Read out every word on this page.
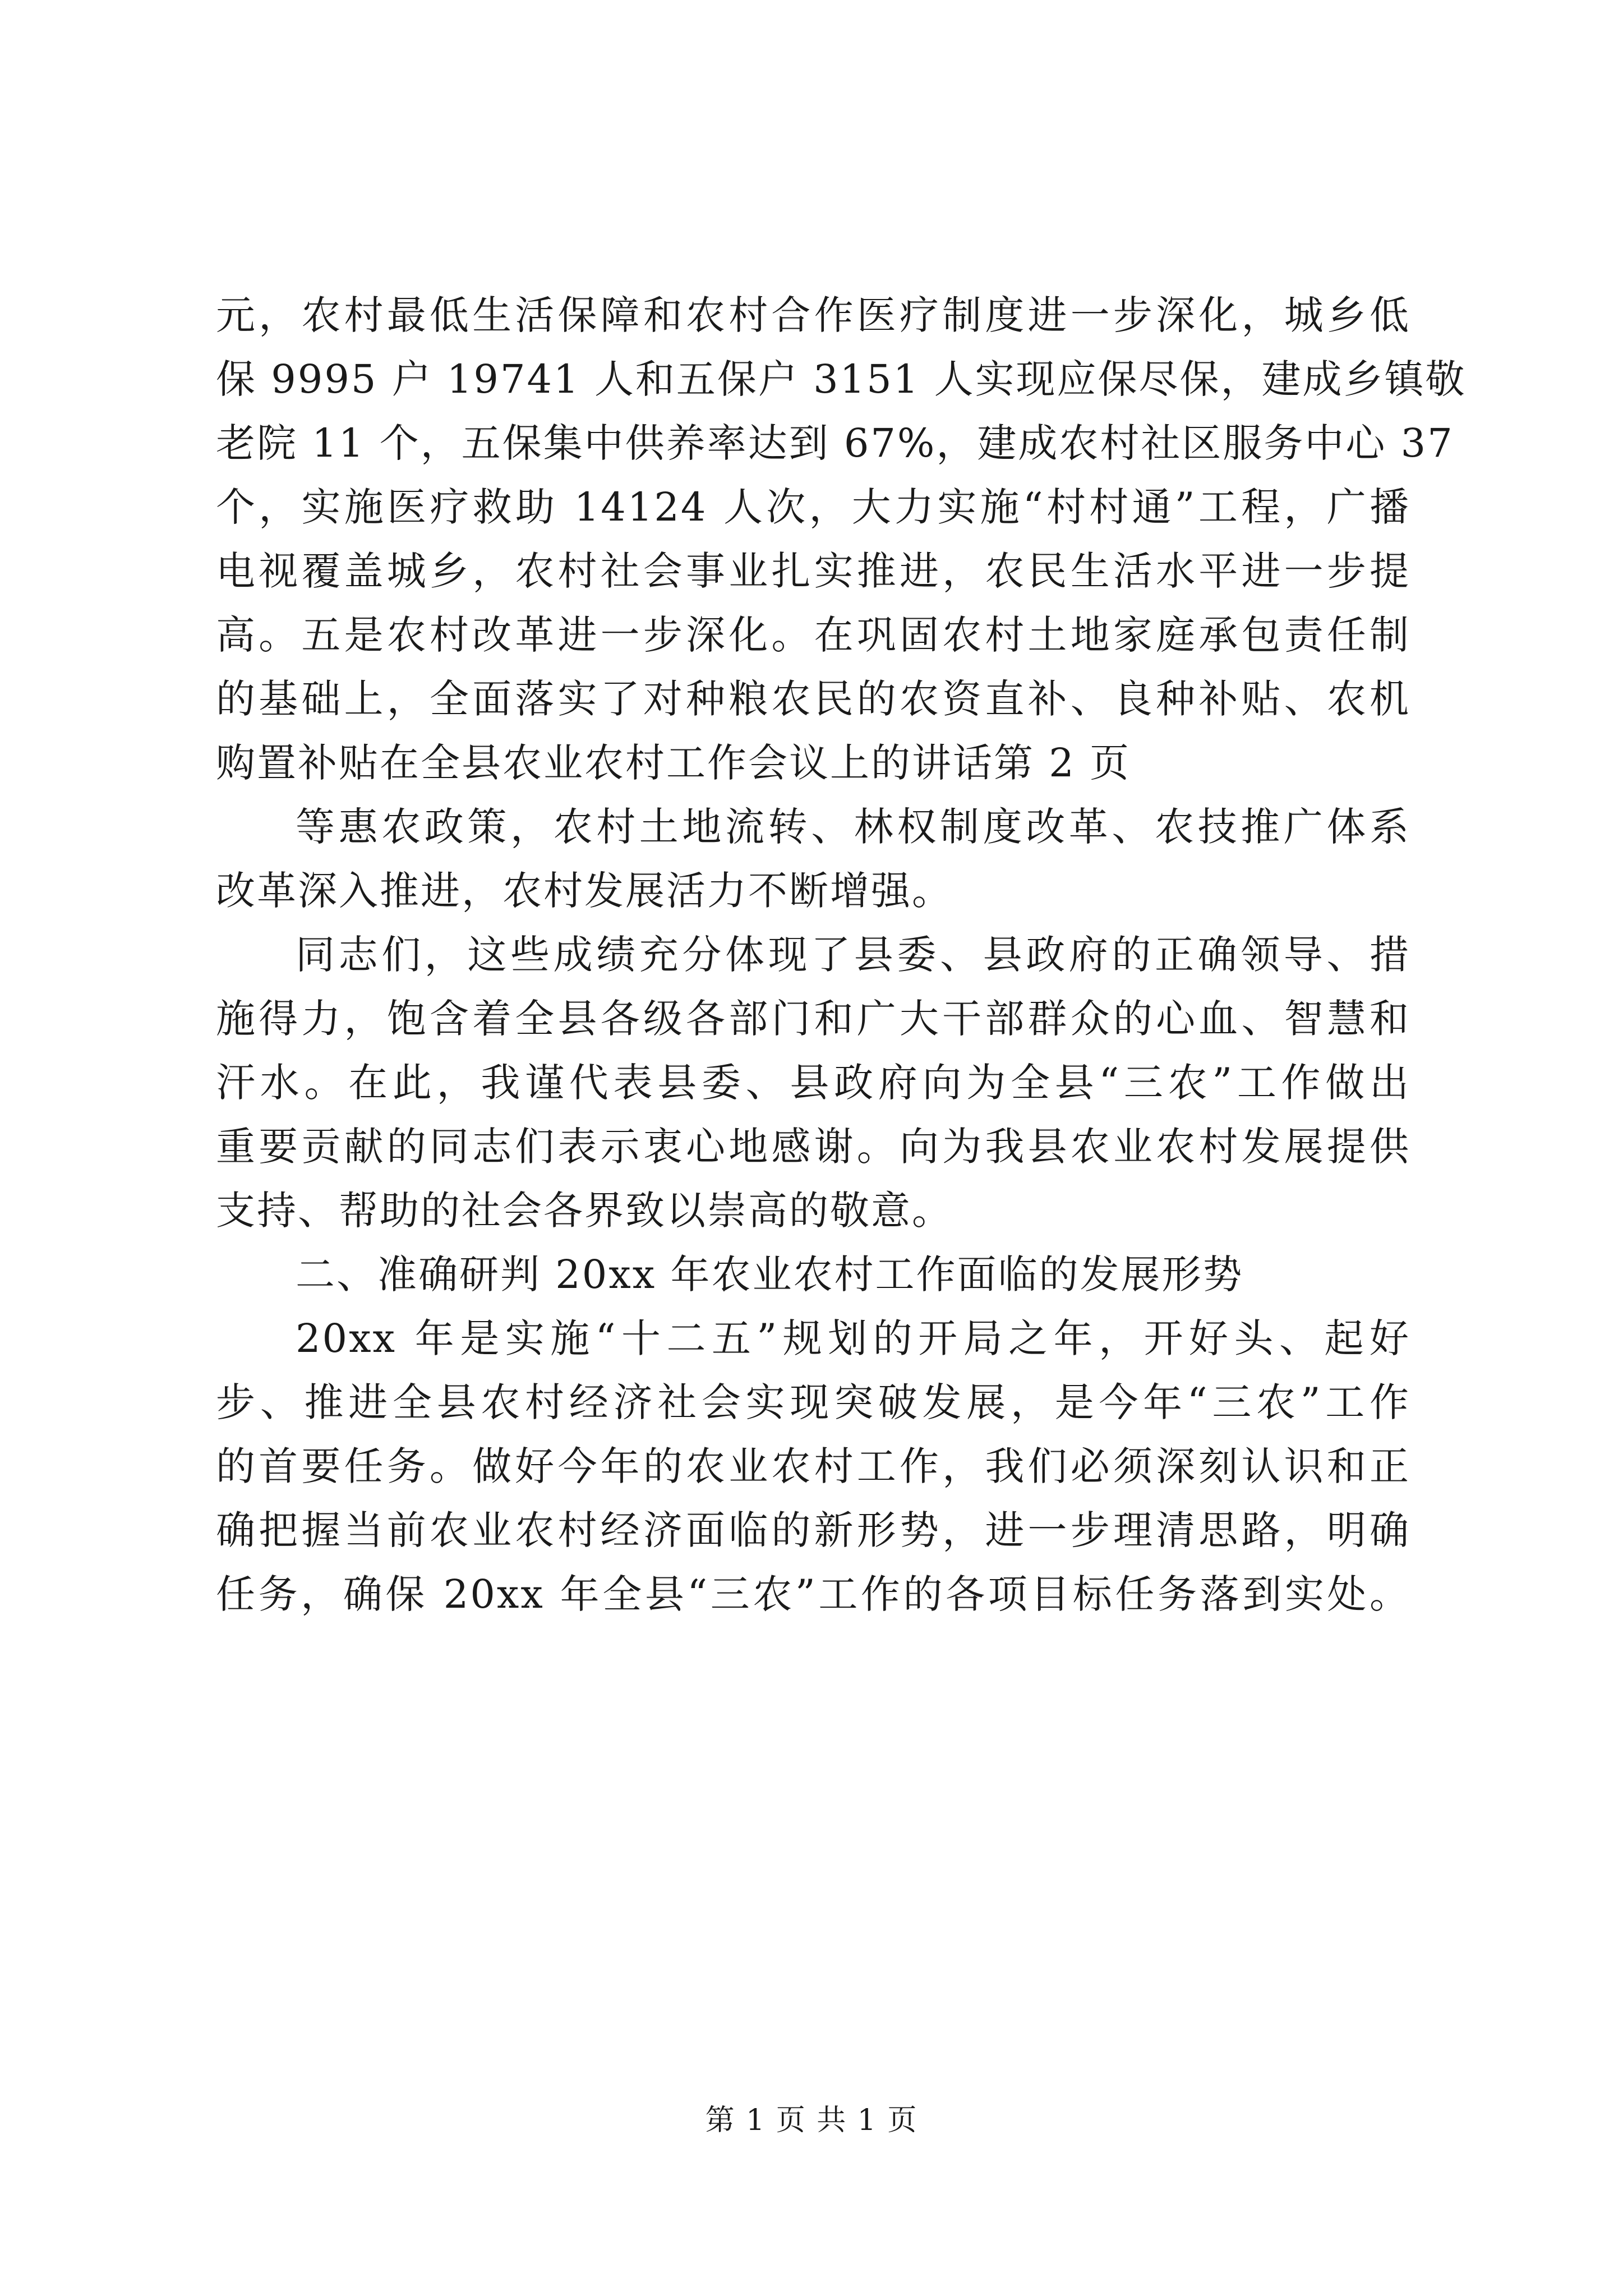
元，农村最低生活保障和农村合作医疗制度进一步深化，城乡低
保 9995 户 19741 人和五保户 3151 人实现应保尽保，建成乡镇敬
老院 11 个，五保集中供养率达到 67%，建成农村社区服务中心 37
个，实施医疗救助 14124 人次，大力实施“村村通”工程，广播
电视覆盖城乡，农村社会事业扎实推进，农民生活水平进一步提
高。五是农村改革进一步深化。在巩固农村土地家庭承包责任制
的基础上，全面落实了对种粮农民的农资直补、良种补贴、农机
购置补贴在全县农业农村工作会议上的讲话第 2 页
等惠农政策，农村土地流转、林权制度改革、农技推广体系
改革深入推进，农村发展活力不断增强。
同志们，这些成绩充分体现了县委、县政府的正确领导、措
施得力，饱含着全县各级各部门和广大干部群众的心血、智慧和
汗水。在此，我谨代表县委、县政府向为全县“三农”工作做出
重要贡献的同志们表示衷心地感谢。向为我县农业农村发展提供
支持、帮助的社会各界致以崇高的敬意。
二、准确研判 20xx 年农业农村工作面临的发展形势
20xx 年是实施“十二五”规划的开局之年，开好头、起好
步、推进全县农村经济社会实现突破发展，是今年“三农”工作
的首要任务。做好今年的农业农村工作，我们必须深刻认识和正
确把握当前农业农村经济面临的新形势，进一步理清思路，明确
任务，确保 20xx 年全县“三农”工作的各项目标任务落到实处。
第 1 页 共 1 页
